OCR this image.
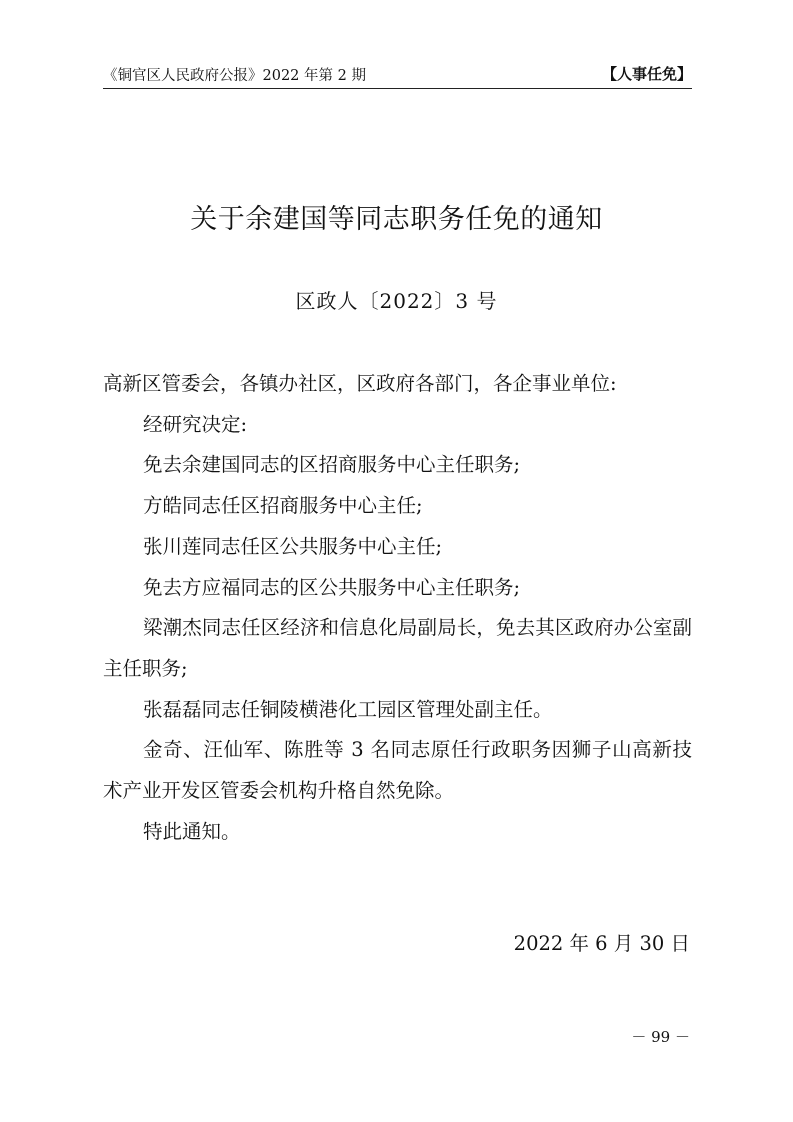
《铜官区人民政府公报》2022 年第 2 期	【人事任免】
关于余建国等同志职务任免的通知
区政人〔2022〕3 号

高新区管委会，各镇办社区，区政府各部门，各企事业单位:

经研究决定:

免去余建国同志的区招商服务中心主任职务;

方皓同志任区招商服务中心主任;

张川莲同志任区公共服务中心主任;

免去方应福同志的区公共服务中心主任职务;

梁潮杰同志任区经济和信息化局副局长，免去其区政府办公室副主任职务;

张磊磊同志任铜陵横港化工园区管理处副主任。

金奇、汪仙军、陈胜等 3 名同志原任行政职务因狮子山高新技术产业开发区管委会机构升格自然免除。

特此通知。

2022 年 6 月 30 日
－ 99 －
